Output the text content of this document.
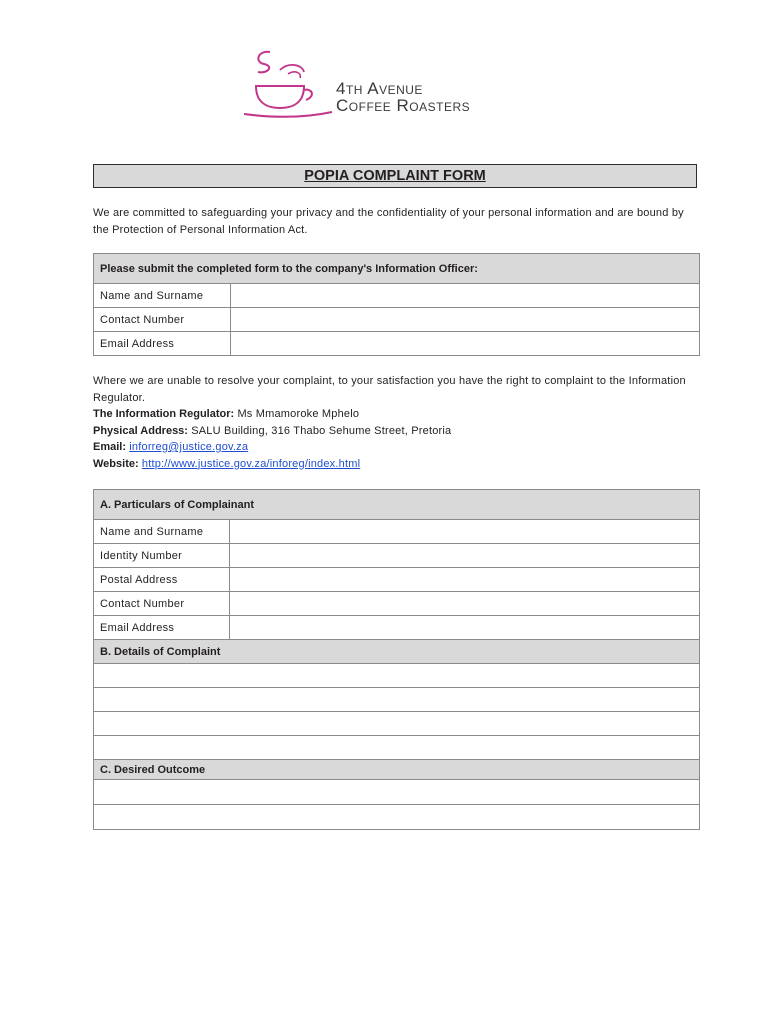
4th Avenue
Coffee Roasters
POPIA COMPLAINT FORM
We are committed to safeguarding your privacy and the confidentiality of your personal information and are bound by the Protection of Personal Information Act.
Please submit the completed form to the company's Information Officer:	
Name and Surname	
Contact Number	
Email Address	
Where we are unable to resolve your complaint, to your satisfaction you have the right to complaint to the Information Regulator.
The Information Regulator: Ms Mmamoroke Mphelo
Physical Address: SALU Building, 316 Thabo Sehume Street, Pretoria
Email: inforreg@justice.gov.za
Website: http://www.justice.gov.za/inforeg/index.html
A. Particulars of Complainant	
Name and Surname	
Identity Number	
Postal Address	
Contact Number	
Email Address	
B. Details of Complaint	

C. Desired Outcome	
